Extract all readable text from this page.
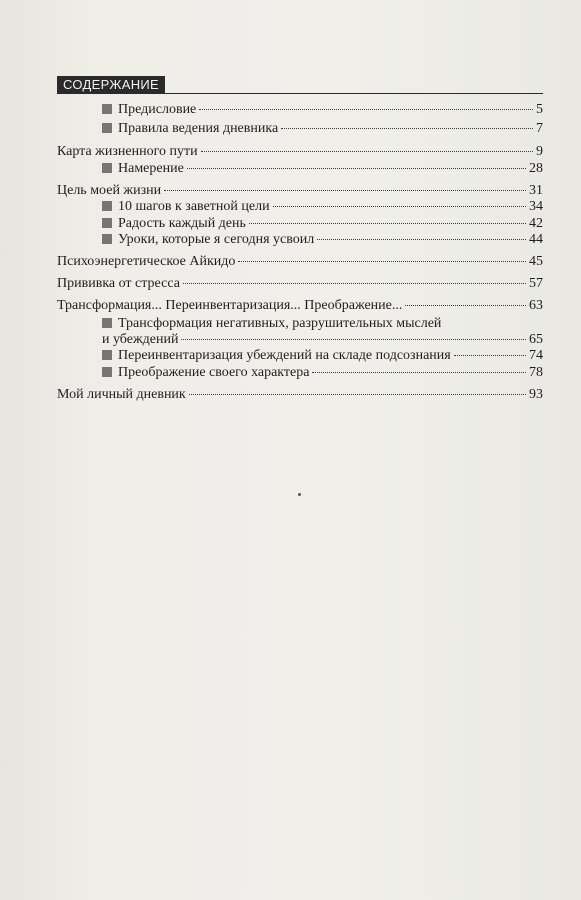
СОДЕРЖАНИЕ
Предисловие	5
Правила ведения дневника	7
Карта жизненного пути	9
Намерение	28
Цель моей жизни	31
10 шагов к заветной цели	34
Радость каждый день	42
Уроки, которые я сегодня усвоил	44
Психоэнергетическое Айкидо	45
Прививка от стресса	57
Трансформация... Переинвентаризация... Преображение...	63
Трансформация негативных, разрушительных мыслей
и убеждений	65
Переинвентаризация убеждений на складе подсознания	74
Преображение своего характера	78
Мой личный дневник	93
